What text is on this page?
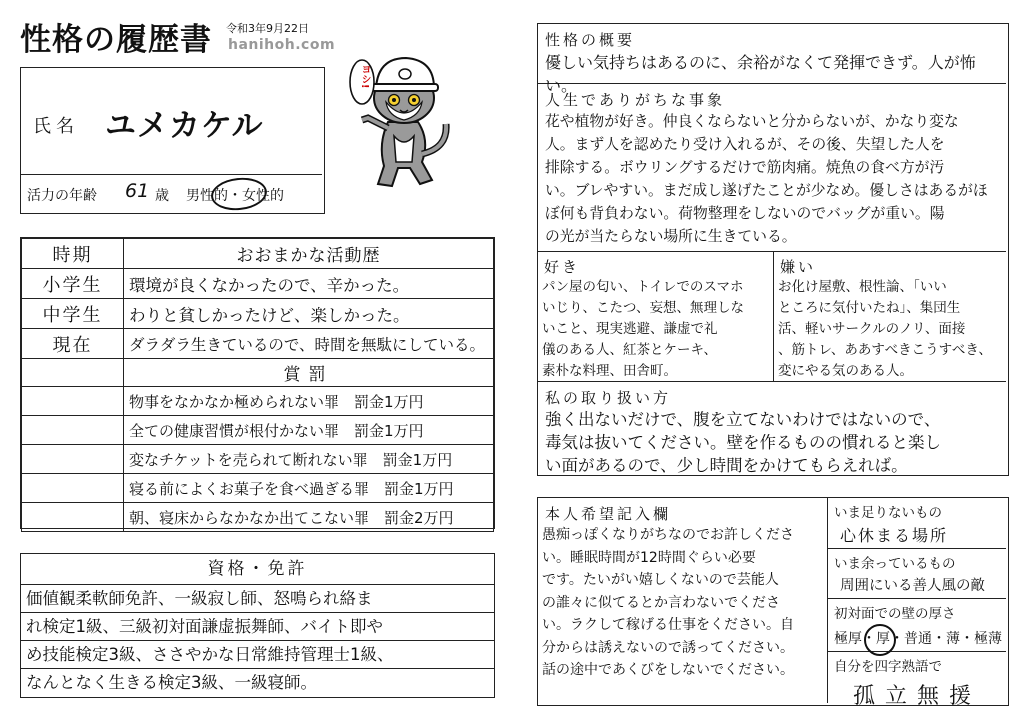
性格の履歴書 令和3年9月22日
hanihoh.com
氏名 ユメカケル
活力の年齢 61 歳 男性的・女性的
ヨシ!
時期	おおまかな活動歴
小学生	環境が良くなかったので、辛かった。
中学生	わりと貧しかったけど、楽しかった。
現在	ダラダラ生きているので、時間を無駄にしている。
	賞罰
	物事をなかなか極められない罪　罰金1万円
	全ての健康習慣が根付かない罪　罰金1万円
	変なチケットを売られて断れない罪　罰金1万円
	寝る前によくお菓子を食べ過ぎる罪　罰金1万円
	朝、寝床からなかなか出てこない罪　罰金2万円
資格・免許
価値観柔軟師免許、一級寂し師、怒鳴られ絡ま
れ検定1級、三級初対面謙虚振舞師、バイト即や
め技能検定3級、ささやかな日常維持管理士1級、
なんとなく生きる検定3級、一級寝師。
性格の概要
優しい気持ちはあるのに、余裕がなくて発揮できず。人が怖い。
人生でありがちな事象
花や植物が好き。仲良くならないと分からないが、かなり変な
人。まず人を認めたり受け入れるが、その後、失望した人を
排除する。ボウリングするだけで筋肉痛。焼魚の食べ方が汚
い。ブレやすい。まだ成し遂げたことが少なめ。優しさはあるがほ
ぼ何も背負わない。荷物整理をしないのでバッグが重い。陽
の光が当たらない場所に生きている。
好き
パン屋の匂い、トイレでのスマホ
いじり、こたつ、妄想、無理しな
いこと、現実逃避、謙虚で礼
儀のある人、紅茶とケーキ、
素朴な料理、田舎町。
嫌い
お化け屋敷、根性論、「いい
ところに気付いたね」、集団生
活、軽いサークルのノリ、面接
、筋トレ、ああすべきこうすべき、
変にやる気のある人。
私の取り扱い方
強く出ないだけで、腹を立てないわけではないので、
毒気は抜いてください。壁を作るものの慣れると楽し
い面があるので、少し時間をかけてもらえれば。
本人希望記入欄
愚痴っぽくなりがちなのでお許しくださ
い。睡眠時間が12時間ぐらい必要
です。たいがい嬉しくないので芸能人
の誰々に似てるとか言わないでくださ
い。ラクして稼げる仕事をください。自
分からは誘えないので誘ってください。
話の途中であくびをしないでください。
いま足りないもの
心休まる場所
いま余っているもの
周囲にいる善人風の敵
初対面での壁の厚さ
極厚・厚・普通・薄・極薄
自分を四字熟語で
孤立無援
